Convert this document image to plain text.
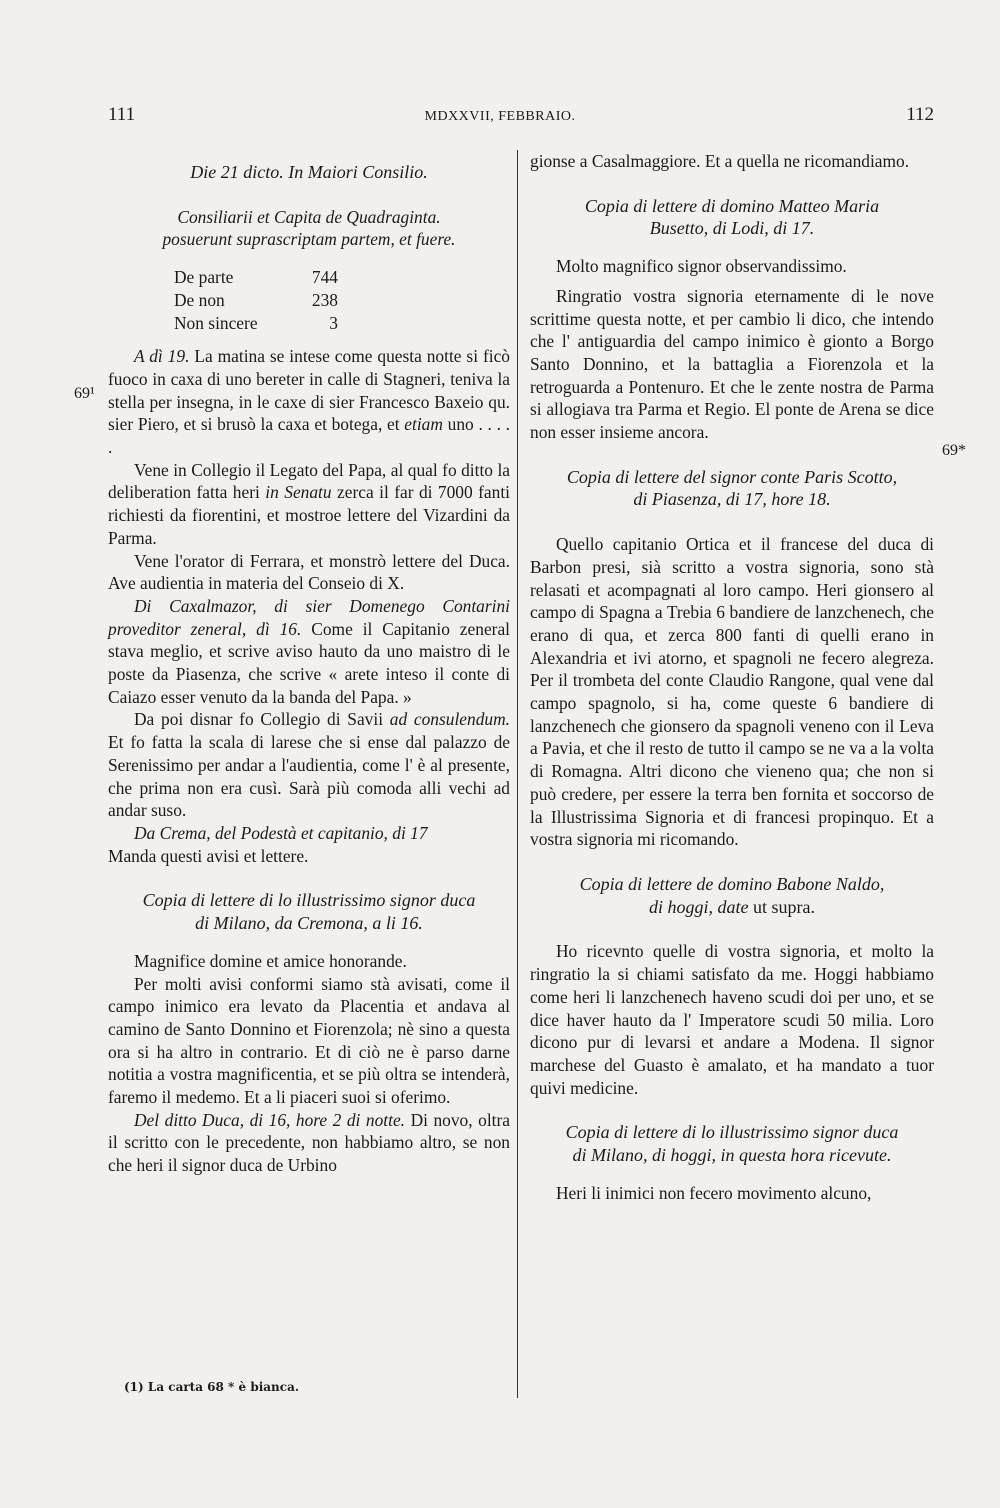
111	MDXXVII, FEBBRAIO.	112
69¹
69*

Die 21 dicto. In Maiori Consilio.

Consiliarii et Capita de Quadraginta.

posuerunt suprascriptam partem, et fuere.

De parte	744
De non	238
Non sincere	3

A dì 19. La matina se intese come questa notte si ficò fuoco in caxa di uno bereter in calle di Stagneri, teniva la stella per insegna, in le caxe di sier Francesco Baxeio qu. sier Piero, et si brusò la caxa et botega, et etiam uno . . . . .

Vene in Collegio il Legato del Papa, al qual fo ditto la deliberation fatta heri in Senatu zerca il far di 7000 fanti richiesti da fiorentini, et mostroe lettere del Vizardini da Parma.

Vene l'orator di Ferrara, et monstrò lettere del Duca. Ave audientia in materia del Conseio di X.

Di Caxalmazor, di sier Domenego Contarini proveditor zeneral, dì 16. Come il Capitanio zeneral stava meglio, et scrive aviso hauto da uno maistro di le poste da Piasenza, che scrive « arete inteso il conte di Caiazo esser venuto da la banda del Papa. »

Da poi disnar fo Collegio di Savii ad consulendum. Et fo fatta la scala di larese che si ense dal palazzo de Serenissimo per andar a l'audientia, come l' è al presente, che prima non era cusì. Sarà più comoda alli vechi ad andar suso.

Da Crema, del Podestà et capitanio, di 17
Manda questi avisi et lettere.

Copia di lettere di lo illustrissimo signor duca
di Milano, da Cremona, a li 16.

Magnifice domine et amice honorande.

Per molti avisi conformi siamo stà avisati, come il campo inimico era levato da Placentia et andava al camino de Santo Donnino et Fiorenzola; nè sino a questa ora si ha altro in contrario. Et di ciò ne è parso darne notitia a vostra magnificentia, et se più oltra se intenderà, faremo il medemo. Et a li piaceri suoi si oferimo.

Del ditto Duca, di 16, hore 2 di notte. Di novo, oltra il scritto con le precedente, non habbiamo altro, se non che heri il signor duca de Urbino

(1) La carta 68 * è bianca.

gionse a Casalmaggiore. Et a quella ne ricomandiamo.

Copia di lettere di domino Matteo Maria
Busetto, di Lodi, di 17.

Molto magnifico signor observandissimo.

Ringratio vostra signoria eternamente di le nove scrittime questa notte, et per cambio li dico, che intendo che l' antiguardia del campo inimico è gionto a Borgo Santo Donnino, et la battaglia a Fiorenzola et la retroguarda a Pontenuro. Et che le zente nostra de Parma si allogiava tra Parma et Regio. El ponte de Arena se dice non esser insieme ancora.

Copia di lettere del signor conte Paris Scotto,
di Piasenza, di 17, hore 18.

Quello capitanio Ortica et il francese del duca di Barbon presi, sià scritto a vostra signoria, sono stà relasati et acompagnati al loro campo. Heri gionsero al campo di Spagna a Trebia 6 bandiere de lanzchenech, che erano di qua, et zerca 800 fanti di quelli erano in Alexandria et ivi atorno, et spagnoli ne fecero alegreza. Per il trombeta del conte Claudio Rangone, qual vene dal campo spagnolo, si ha, come queste 6 bandiere di lanzchenech che gionsero da spagnoli veneno con il Leva a Pavia, et che il resto de tutto il campo se ne va a la volta di Romagna. Altri dicono che vieneno qua; che non si può credere, per essere la terra ben fornita et soccorso de la Illustrissima Signoria et di francesi propinquo. Et a vostra signoria mi ricomando.

Copia di lettere de domino Babone Naldo,
di hoggi, date ut supra.

Ho ricevnto quelle di vostra signoria, et molto la ringratio la si chiami satisfato da me. Hoggi habbiamo come heri li lanzchenech haveno scudi doi per uno, et se dice haver hauto da l' Imperatore scudi 50 milia. Loro dicono pur di levarsi et andare a Modena. Il signor marchese del Guasto è amalato, et ha mandato a tuor quivi medicine.

Copia di lettere di lo illustrissimo signor duca
di Milano, di hoggi, in questa hora ricevute.

Heri li inimici non fecero movimento alcuno,
